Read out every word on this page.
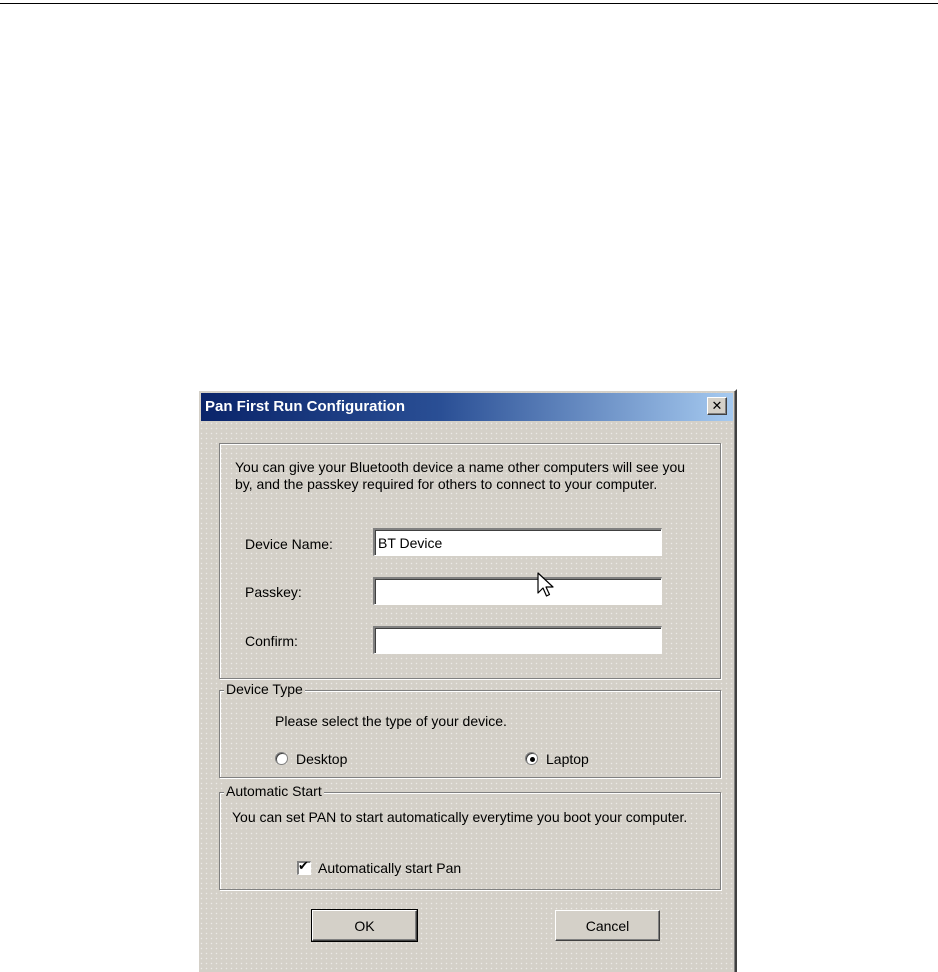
Pan First Run Configuration	✕
You can give your Bluetooth device a name other computers will see you by, and the passkey required for others to connect to your computer.
Device Name:
BT Device
Passkey:
Confirm:
Device Type
Please select the type of your device.
Desktop	Laptop
Automatic Start
You can set PAN to start automatically everytime you boot your computer.
✔ Automatically start Pan
OK	Cancel
